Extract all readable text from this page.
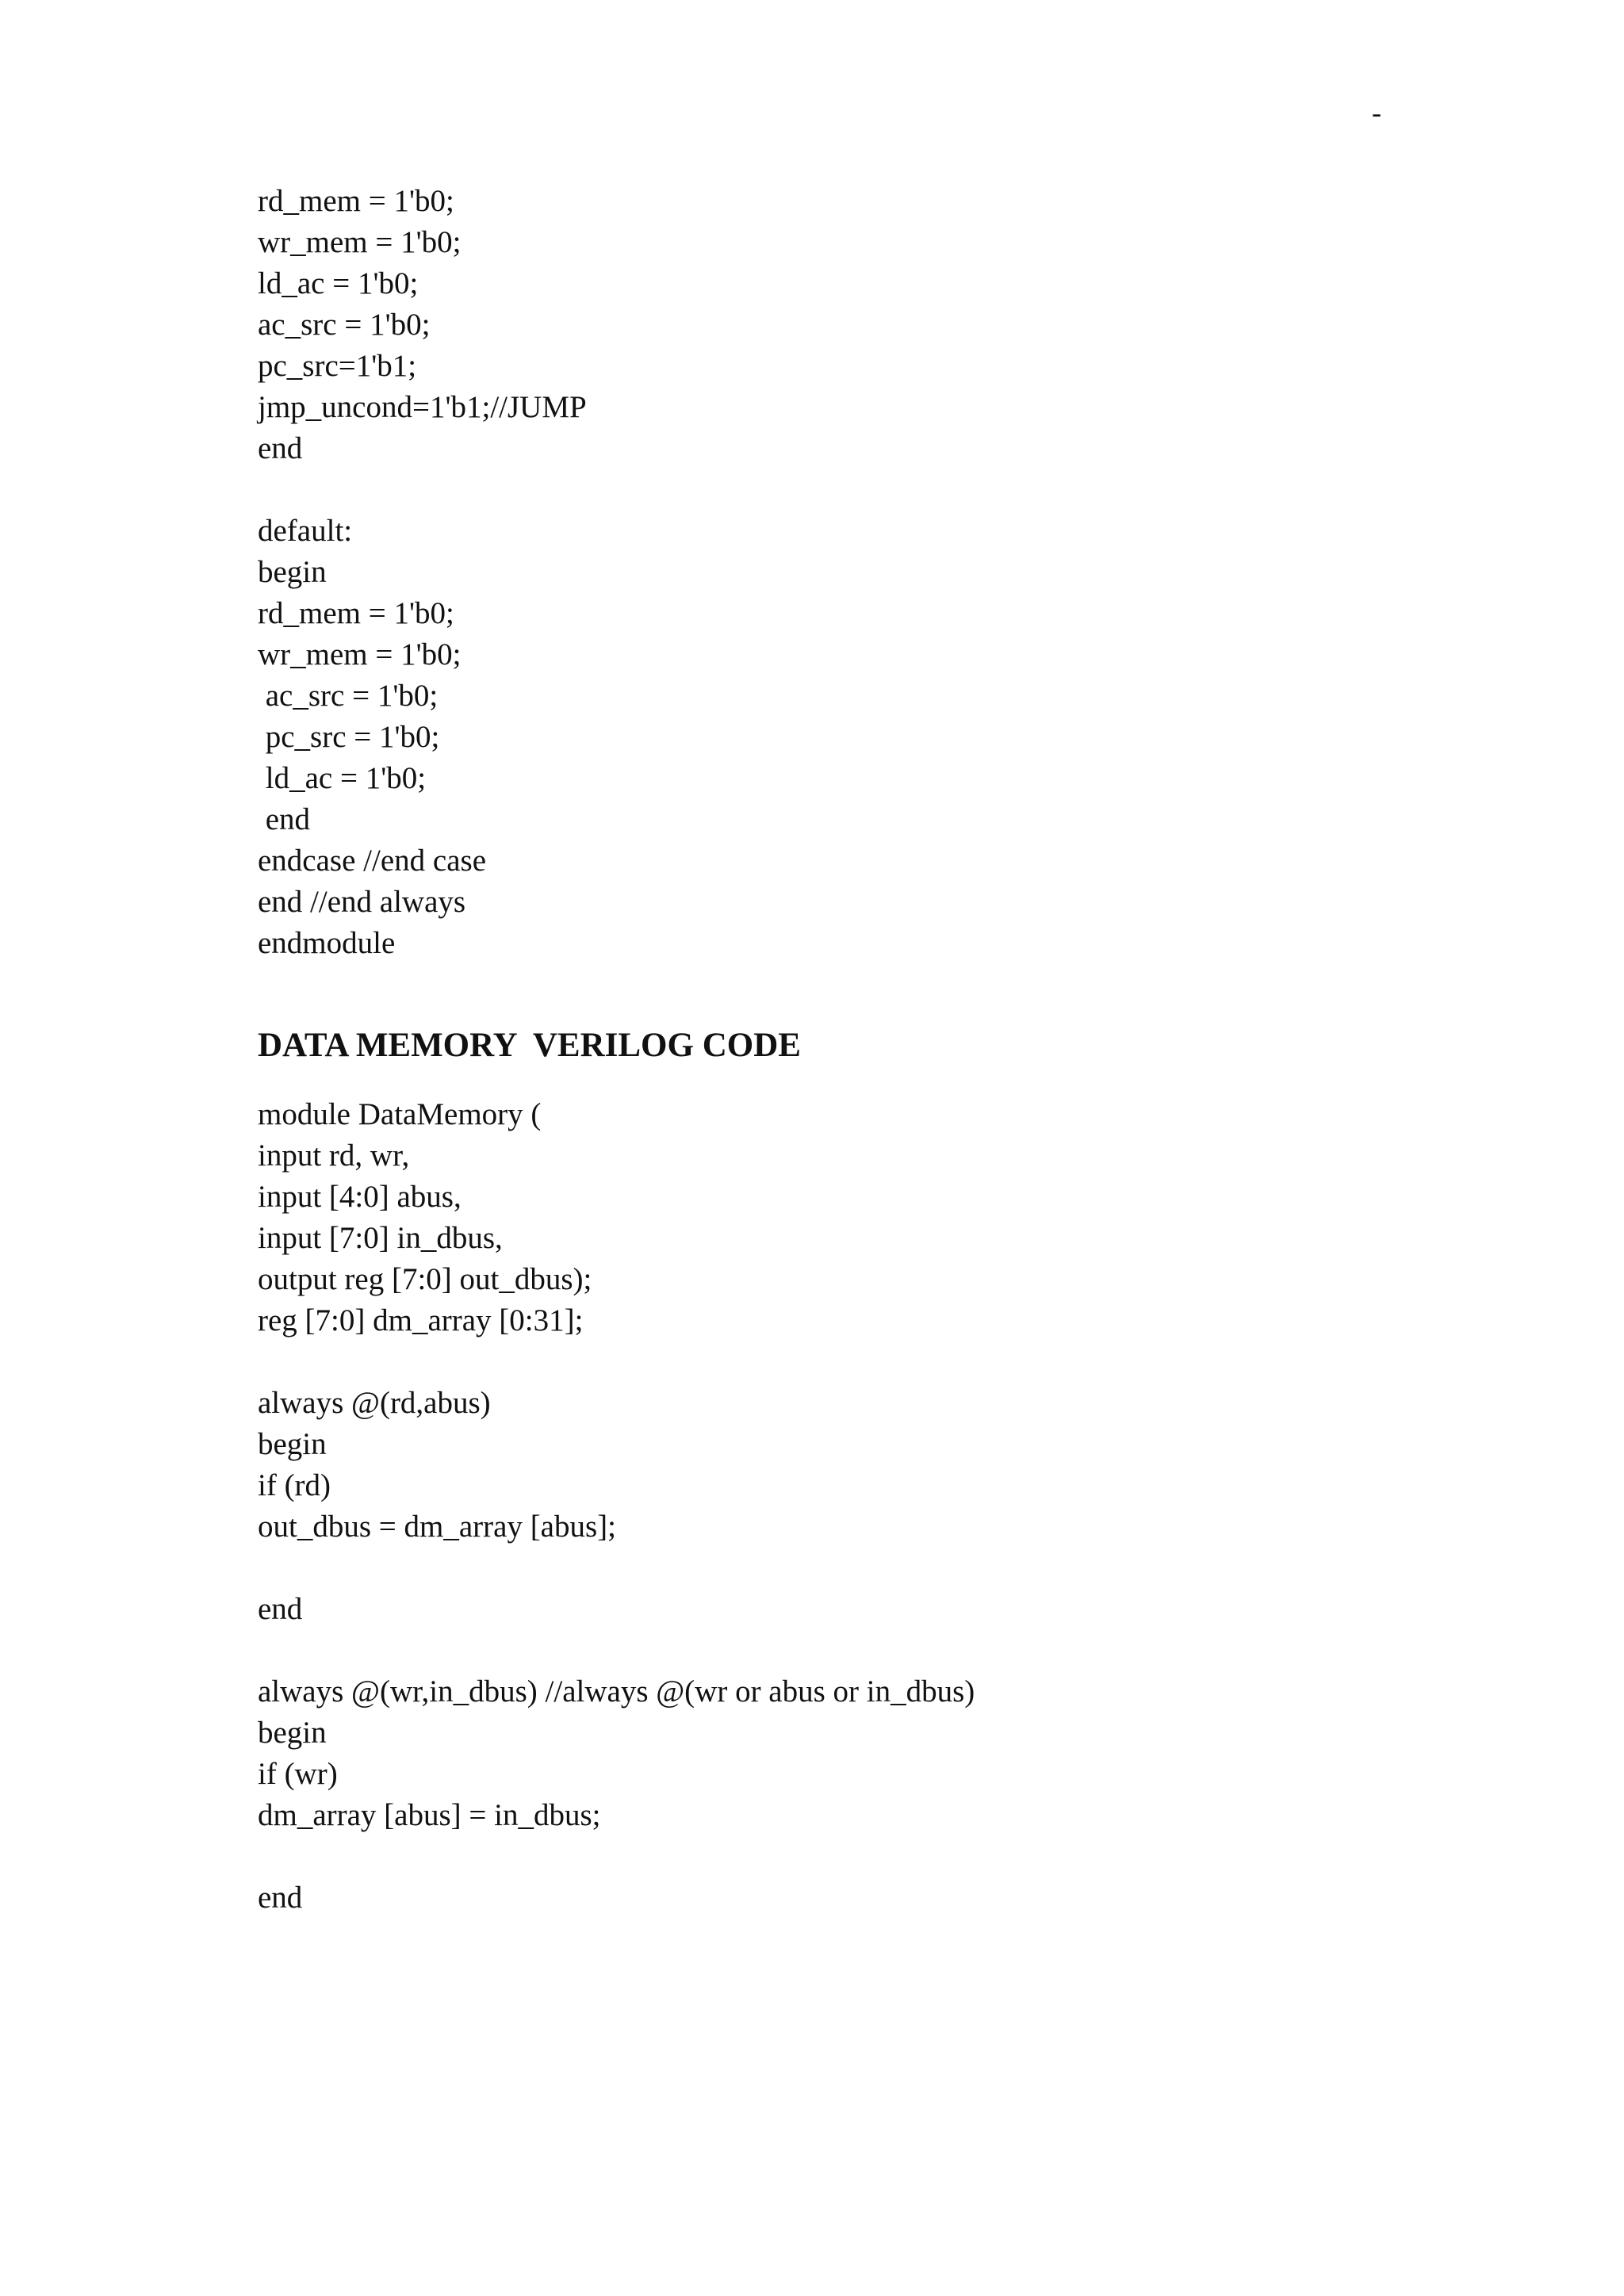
-
rd_mem = 1'b0;
wr_mem = 1'b0;
ld_ac = 1'b0;
ac_src = 1'b0;
pc_src=1'b1;
jmp_uncond=1'b1;//JUMP
end
default:
begin
rd_mem = 1'b0;
wr_mem = 1'b0;
ac_src = 1'b0;
pc_src = 1'b0;
ld_ac = 1'b0;
end
endcase //end case
end //end always
endmodule
DATA MEMORY  VERILOG CODE
module DataMemory (
input rd, wr,
input [4:0] abus,
input [7:0] in_dbus,
output reg [7:0] out_dbus);
reg [7:0] dm_array [0:31];
always @(rd,abus)
begin
if (rd)
out_dbus = dm_array [abus];
end
always @(wr,in_dbus) //always @(wr or abus or in_dbus)
begin
if (wr)
dm_array [abus] = in_dbus;
end
